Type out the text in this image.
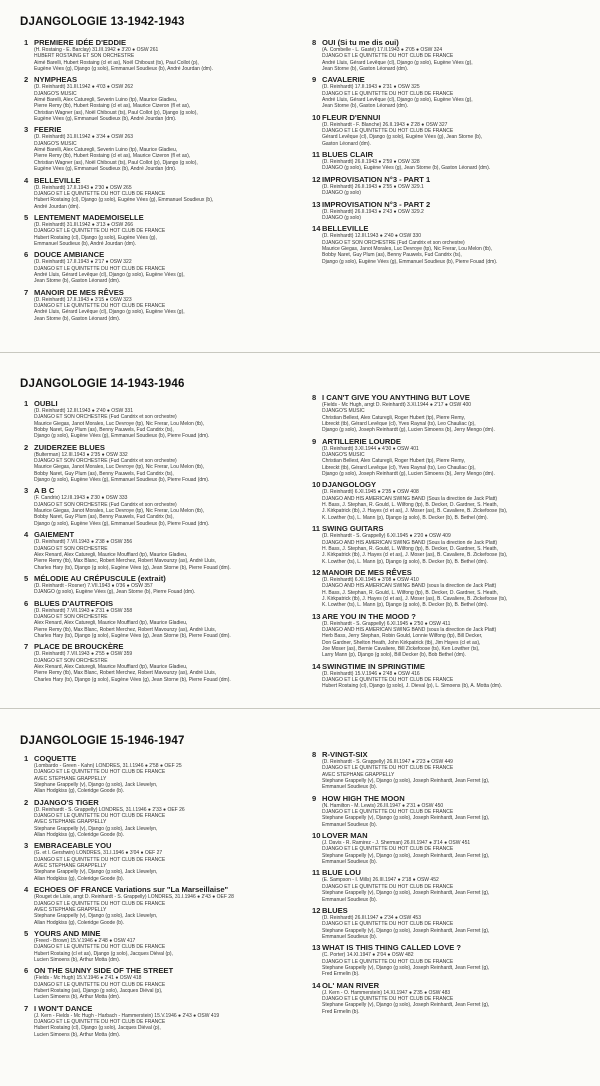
DJANGOLOGIE 13-1942-1943
1 PREMIERE IDÉE D'EDDIE
(H. Rostaing - E. Barclay) 31.III.1942 ● 3'20 ● OSW 261
HUBERT ROSTAING ET SON ORCHESTRE
Aimé Barelli, Hubert Rostaing (cl et as), Noël Chiboust (ts), Paul Collot (p),
Eugène Vées (g), Django (g solo), Emmanuel Soudieux (b), André Jourdan (dm).
2 NYMPHEAS
(D. Reinhardt) 31.III.1942 ● 4'03 ● OSW 262
DJANGO'S MUSIC
Aimé Barelli, Alex Caturegli, Severin Luino (tp), Maurice Gladieu,
Pierre Remy (tb), Hubert Rostaing (cl et as), Maurice Cizeron (fl et as),
Christian Wagner (as), Noël Chiboust (ts), Paul Collot (p), Django (g solo),
Eugène Vées (g), Emmanuel Soudieux (b), André Jourdan (dm).
3 FEERIE
(D. Reinhardt) 31.III.1942 ● 3'34 ● OSW 263
DJANGO'S MUSIC
Aimé Barelli, Alex Caturegli, Severin Luino (tp), Maurice Gladieu,
Pierre Remy (tb), Hubert Rostaing (cl et as), Maurice Cizeron (fl et as),
Christian Wagner (as), Noël Chiboust (ts), Paul Collot (p), Django (g solo),
Eugène Vées (g), Emmanuel Soudieux (b), André Jourdan (dm).
4 BELLEVILLE
(D. Reinhardt) 17.II.1943 ● 2'30 ● OSW 265
DJANGO ET LE QUINTETTE DU HOT CLUB DE FRANCE
Hubert Rostaing (cl), Django (g solo), Eugène Vées (g), Emmanuel Soudieux (b),
André Jourdan (dm).
5 LENTEMENT MADEMOISELLE
(D. Reinhardt) 31.III.1942 ● 3'13 ● OSW 266
DJANGO ET LE QUINTETTE DU HOT CLUB DE FRANCE
Hubert Rostaing (cl), Django (g solo), Eugène Vées (g),
Emmanuel Soudieux (b), André Jourdan (dm).
6 DOUCE AMBIANCE
(D. Reinhardt) 17.II.1943 ● 2'17 ● OSW 322
DJANGO ET LE QUINTETTE DU HOT CLUB DE FRANCE
André Lluis, Gérard Levêque (cl), Django (g solo), Eugène Vées (g),
Jean Storne (b), Gaston Léonard (dm).
7 MANOIR DE MES RÊVES
(D. Reinhardt) 17.II.1943 ● 3'15 ● OSW 323
DJANGO ET LE QUINTETTE DU HOT CLUB DE FRANCE
André Lluis, Gérard Levêque (cl), Django (g solo), Eugène Vées (g),
Jean Storne (b), Gaston Léonard (dm).
8 OUI (Si tu me dis oui)
(A. Combelle - L. Gasté) 17.II.1943 ● 2'05 ● OSW 324
DJANGO ET LE QUINTETTE DU HOT CLUB DE FRANCE
André Lluis, Gérard Levêque (cl), Django (g solo), Eugène Vées (g),
Jean Storne (b), Gaston Léonard (dm).
9 CAVALERIE
(D. Reinhardt) 17.II.1943 ● 2'31 ● OSW 325
DJANGO ET LE QUINTETTE DU HOT CLUB DE FRANCE
André Lluis, Gérard Levêque (cl), Django (g solo), Eugène Vées (g),
Jean Storne (b), Gaston Léonard (dm).
10 FLEUR D'ENNUI
(D. Reinhardt - F. Blanche) 26.II.1943 ● 2'28 ● OSW 327
DJANGO ET LE QUINTETTE DU HOT CLUB DE FRANCE
Gérard Levêque (cl), Django (g solo), Eugène Vées (g), Jean Storne (b),
Gaston Léonard (dm).
11 BLUES CLAIR
(D. Reinhardt) 26.II.1943 ● 2'59 ● OSW 328
DJANGO (g solo), Eugène Vées (g), Jean Storne (b), Gaston Léonard (dm).
12 IMPROVISATION N°3 - PART 1
(D. Reinhardt) 26.II.1943 ● 2'55 ● OSW 329.1
DJANGO (g solo)
13 IMPROVISATION N°3 - PART 2
(D. Reinhardt) 26.II.1943 ● 2'43 ● OSW 329.2
DJANGO (g solo)
14 BELLEVILLE
(D. Reinhardt) 12.III.1943 ● 2'40 ● OSW 330
DJANGO ET SON ORCHESTRE (Fud Candrix et son orchestre)
Maurice Giegas, Janot Morales, Luc Devroye (tp), Nic Frerar, Lou Melon (tb),
Bobby Naret, Guy Plum (as), Benny Pauwels, Fud Candrix (ts),
Django (g solo), Eugène Vées (g), Emmanuel Soudieux (b), Pierre Fouad (dm).
DJANGOLOGIE 14-1943-1946
1 OUBLI
(D. Reinhardt) 12.III.1943 ● 2'40 ● OSW 331
DJANGO ET SON ORCHESTRE (Fud Candrix et son orchestre)
Maurice Giegas, Janot Morales, Luc Devroye (tp), Nic Frerar, Lou Melon (tb),
Bobby Naret, Guy Plum (as), Benny Pauwels, Fud Candrix (ts),
Django (g solo), Eugène Vées (g), Emmanuel Soudieux (b), Pierre Fouad (dm).
2 ZUIDERZEE BLUES
(Bulterman) 12.III.1943 ● 2'35 ● OSW 332
DJANGO ET SON ORCHESTRE (Fud Candrix et son orchestre)
Maurice Giegas, Janot Morales, Luc Devroye (tp), Nic Frerar, Lou Melon (tb),
Bobby Naret, Guy Plum (as), Benny Pauwels, Fud Candrix (ts),
Django (g solo), Eugène Vées (g), Emmanuel Soudieux (b), Pierre Fouad (dm).
3 A B C
(F. Candrix) 12.III.1943 ● 2'30 ● OSW 333
DJANGO ET SON ORCHESTRE (Fud Candrix et son orchestre)
Maurice Giegas, Janot Morales, Luc Devroye (tp), Nic Frerar, Lou Melon (tb),
Bobby Naret, Guy Plum (as), Benny Pauwels, Fud Candrix (ts),
Django (g solo), Eugène Vées (g), Emmanuel Soudieux (b), Pierre Fouad (dm).
4 GAIEMENT
(D. Reinhardt) 7.VII.1943 ● 2'38 ● OSW 356
DJANGO ET SON ORCHESTRE
Alex Renard, Alex Caturegli, Maurice Mouffiard (tp), Maurice Gladieu,
Pierre Remy (tb), Max Blanc, Robert Merchez, Robert Mavounzy (as), André Lluis,
Charles Hary (ts), Django (g solo), Eugène Vées (g), Jean Storne (b), Pierre Fouad (dm).
5 MÉLODIE AU CRÉPUSCULE (extrait)
(D. Reinhardt - Rosner) 7.VII.1943 ● 0'36 ● OSW 357
DJANGO (g solo), Eugène Vées (g), Jean Storne (b), Pierre Fouad (dm).
6 BLUES D'AUTREFOIS
(D. Reinhardt) 7.VII.1943 ● 2'31 ● OSW 358
DJANGO ET SON ORCHESTRE
Alex Renard, Alex Caturegli, Maurice Mouffiard (tp), Maurice Gladieu,
Pierre Remy (tb), Max Blanc, Robert Merchez, Robert Mavounzy (as), André Lluis,
Charles Hary (ts), Django (g solo), Eugène Vées (g), Jean Storne (b), Pierre Fouad (dm).
7 PLACE DE BROUCKÈRE
(D. Reinhardt) 7.VII.1943 ● 2'55 ● OSW 359
DJANGO ET SON ORCHESTRE
Alex Renard, Alex Caturegli, Maurice Mouffiard (tp), Maurice Gladieu,
Pierre Remy (tb), Max Blanc, Robert Merchez, Robert Mavounzy (as), André Lluis,
Charles Hary (ts), Django (g solo), Eugène Vées (g), Jean Storne (b), Pierre Fouad (dm).
8 I CAN'T GIVE YOU ANYTHING BUT LOVE
(Fields - Mc Hugh, arrgt D. Reinhardt) 3.XI.1944 ● 2'17 ● OSW 400
DJANGO'S MUSIC
Christian Bellest, Alex Caturegli, Roger Hubert (tp), Pierre Remy,
Libreckt (tb), Gérard Levêque (cl), Yves Raynal (ts), Leo Chauliac (p),
Django (g solo), Joseph Reinhardt (g), Lucien Simoens (b), Jerry Mengo (dm).
9 ARTILLERIE LOURDE
(D. Reinhardt) 3.XI.1944 ● 4'30 ● OSW 401
DJANGO'S MUSIC
Christian Bellest, Alex Caturegli, Roger Hubert (tp), Pierre Remy,
Libreckt (tb), Gérard Levêque (cl), Yves Raynal (ts), Leo Chauliac (p),
Django (g solo), Joseph Reinhardt (g), Lucien Simoens (b), Jerry Mengo (dm).
10 DJANGOLOGY
(D. Reinhardt) 6.XI.1945 ● 2'35 ● OSW 408
DJANGO AND HIS AMERICAN SWING BAND (Sous la direction de Jack Platt)
H. Bass, J. Stephan, R. Gould, L. Wilfong (tp), B. Decker, D. Gardner, S. Heath,
J. Kirkpatrick (tb), J. Hayes (cl et as), J. Moser (as), B. Cavaliere, B. Zickefoose (ts),
K. Lowther (ts), L. Mann (p), Django (g solo), B. Decker (b), B. Bethel (dm).
11 SWING GUITARS
(D. Reinhardt - S. Grappelly) 6.XI.1945 ● 2'20 ● OSW 409
DJANGO AND HIS AMERICAN SWING BAND (Sous la direction de Jack Platt)
H. Bass, J. Stephan, R. Gould, L. Wilfong (tp), B. Decker, D. Gardner, S. Heath,
J. Kirkpatrick (tb), J. Hayes (cl et as), J. Moser (as), B. Cavaliere, B. Zickefoose (ts),
K. Lowther (ts), L. Mann (p), Django (g solo), B. Decker (b), B. Bethel (dm).
12 MANOIR DE MES RÊVES
(D. Reinhardt) 6.XI.1945 ● 3'08 ● OSW 410
DJANGO AND HIS AMERICAN SWING BAND (sous la direction de Jack Platt)
H. Bass, J. Stephan, R. Gould, L. Wilfong (tp), B. Decker, D. Gardner, S. Heath,
J. Kirkpatrick (tb), J. Hayes (cl et as), J. Moser (as), B. Cavaliere, B. Zickefoose (ts),
K. Lowther (ts), L. Mann (p), Django (g solo), B. Decker (b), B. Bethel (dm).
13 ARE YOU IN THE MOOD ?
(D. Reinhardt - S. Grappelly) 6.XI.1945 ● 2'50 ● OSW 411
DJANGO AND HIS AMERICAN SWING BAND (sous la direction de Jack Platt)
Herb Bass, Jerry Stephan, Robin Gould, Lonnie Wilfong (tp), Bill Decker,
Don Gardner, Shelton Heath, John Kirkpatrick (tb), Jim Hayes (cl et as),
Joe Moser (as), Bernie Cavaliere, Bill Zickefoose (ts), Ken Lowther (ts),
Larry Mann (p), Django (g solo), Bill Decker (b), Bob Bethel (dm).
14 SWINGTIME IN SPRINGTIME
(D. Reinhardt) 15.V.1946 ● 2'48 ● OSW 416
DJANGO ET LE QUINTETTE DU HOT CLUB DE FRANCE
Hubert Rostaing (cl), Django (g solo), J. Dieval (p), L. Simoens (b), A. Motta (dm).
DJANGOLOGIE 15-1946-1947
1 COQUETTE
(Lombardo - Green - Kahn) LONDRES, 31.I.1946 ● 2'58 ● OEF 25
DJANGO ET LE QUINTETTE DU HOT CLUB DE FRANCE
AVEC STEPHANE GRAPPELLY
Stephane Grappelly (v), Django (g solo), Jack Llewelyn,
Allan Hodgkiss (g), Coleridge Goode (b).
2 DJANGO'S TIGER
(D. Reinhardt - S. Grappelly) LONDRES, 31.I.1946 ● 2'33 ● OEF 26
DJANGO ET LE QUINTETTE DU HOT CLUB DE FRANCE
AVEC STEPHANE GRAPPELLY
Stephane Grappelly (v), Django (g solo), Jack Llewelyn,
Allan Hodgkiss (g), Coleridge Goode (b).
3 EMBRACEABLE YOU
(G. et I. Gershwin) LONDRES, 31.I.1946 ● 3'04 ● OEF 27
DJANGO ET LE QUINTETTE DU HOT CLUB DE FRANCE
AVEC STEPHANE GRAPPELLY
Stephane Grappelly (v), Django (g solo), Jack Llewelyn,
Allan Hodgkiss (g), Coleridge Goode (b).
4 ECHOES OF FRANCE Variations sur "La Marseillaise"
(Rouget de Lisle, arrgt D. Reinhardt - S. Grappelly) LONDRES, 31.I.1946 ● 2'43 ● OEF 28
DJANGO ET LE QUINTETTE DU HOT CLUB DE FRANCE
AVEC STEPHANE GRAPPELLY
Stephane Grappelly (v), Django (g solo), Jack Llewelyn,
Allan Hodgkiss (g), Coleridge Goode (b).
5 YOURS AND MINE
(Freed - Brown) 15.V.1946 ● 2'48 ● OSW 417
DJANGO ET LE QUINTETTE DU HOT CLUB DE FRANCE
Hubert Rostaing (cl et as), Django (g solo), Jacques Diéval (p),
Lucien Simoens (b), Arthur Motta (dm).
6 ON THE SUNNY SIDE OF THE STREET
(Fields - Mc Hugh) 15.V.1946 ● 2'41 ● OSW 418
DJANGO ET LE QUINTETTE DU HOT CLUB DE FRANCE
Hubert Rostaing (as), Django (g solo), Jacques Diéval (p),
Lucien Simoens (b), Arthur Motta (dm).
7 I WON'T DANCE
(J. Kern - Fields - Mc Hugh - Harbach - Hammerstein) 15.V.1946 ● 2'43 ● OSW 419
DJANGO ET LE QUINTETTE DU HOT CLUB DE FRANCE
Hubert Rostaing (cl), Django (g solo), Jacques Diéval (p),
Lucien Simoens (b), Arthur Motta (dm).
8 R-VINGT-SIX
(D. Reinhardt - S. Grappelly) 26.III.1947 ● 2'23 ● OSW 449
DJANGO ET LE QUINTETTE DU HOT CLUB DE FRANCE
AVEC STEPHANE GRAPPELLY
Stephane Grappelly (v), Django (g solo), Joseph Reinhardt, Jean Ferret (g),
Emmanuel Soudieux (b).
9 HOW HIGH THE MOON
(N. Hamilton - M. Lewis) 26.III.1947 ● 2'31 ● OSW 450
DJANGO ET LE QUINTETTE DU HOT CLUB DE FRANCE
Stephane Grappelly (v), Django (g solo), Joseph Reinhardt, Jean Ferret (g),
Emmanuel Soudieux (b).
10 LOVER MAN
(J. Davis - R. Ramirez - J. Sherman) 26.III.1947 ● 3'14 ● OSW 451
DJANGO ET LE QUINTETTE DU HOT CLUB DE FRANCE
Stephane Grappelly (v), Django (g solo), Joseph Reinhardt, Jean Ferret (g),
Emmanuel Soudieux (b).
11 BLUE LOU
(E. Sampson - I. Mills) 26.III.1947 ● 2'18 ● OSW 452
DJANGO ET LE QUINTETTE DU HOT CLUB DE FRANCE
Stephane Grappelly (v), Django (g solo), Joseph Reinhardt, Jean Ferret (g),
Emmanuel Soudieux (b).
12 BLUES
(D. Reinhardt) 26.III.1947 ● 2'34 ● OSW 453
DJANGO ET LE QUINTETTE DU HOT CLUB DE FRANCE
Stephane Grappelly (v), Django (g solo), Joseph Reinhardt, Jean Ferret (g),
Emmanuel Soudieux (b).
13 WHAT IS THIS THING CALLED LOVE ?
(C. Porter) 14.XI.1947 ● 2'04 ● OSW 482
DJANGO ET LE QUINTETTE DU HOT CLUB DE FRANCE
Stephane Grappelly (v), Django (g solo), Joseph Reinhardt, Jean Ferret (g),
Fred Ermelin (b).
14 OL' MAN RIVER
(J. Kern - O. Hammerstein) 14.XI.1947 ● 2'35 ● OSW 483
DJANGO ET LE QUINTETTE DU HOT CLUB DE FRANCE
Stephane Grappelly (v), Django (g solo), Joseph Reinhardt, Jean Ferret (g),
Fred Ermelin (b).
